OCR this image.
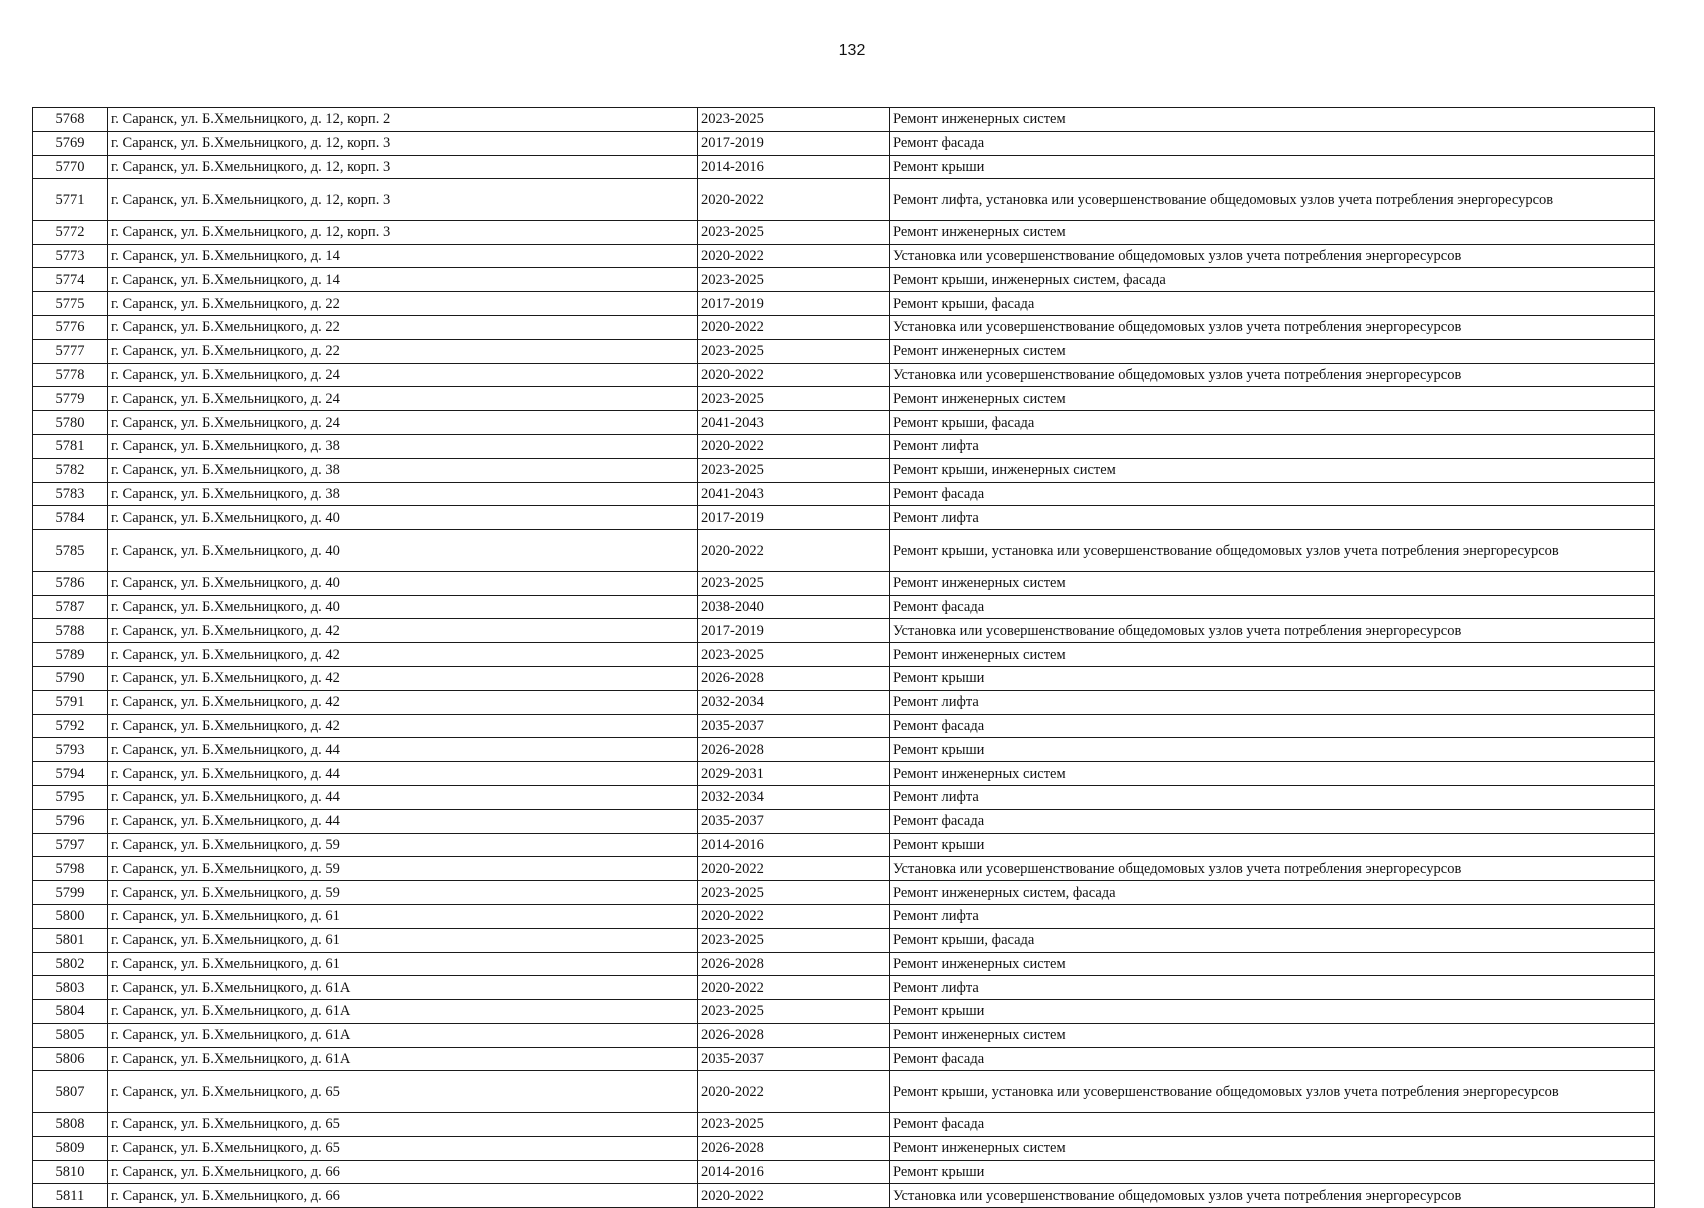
132
5768	г. Саранск, ул. Б.Хмельницкого, д. 12, корп. 2	2023-2025	Ремонт инженерных систем
5769	г. Саранск, ул. Б.Хмельницкого, д. 12, корп. 3	2017-2019	Ремонт фасада
5770	г. Саранск, ул. Б.Хмельницкого, д. 12, корп. 3	2014-2016	Ремонт крыши
5771	г. Саранск, ул. Б.Хмельницкого, д. 12, корп. 3	2020-2022	Ремонт лифта, установка или усовершенствование общедомовых узлов учета потребления энергоресурсов
5772	г. Саранск, ул. Б.Хмельницкого, д. 12, корп. 3	2023-2025	Ремонт инженерных систем
5773	г. Саранск, ул. Б.Хмельницкого, д. 14	2020-2022	Установка или усовершенствование общедомовых узлов учета потребления энергоресурсов
5774	г. Саранск, ул. Б.Хмельницкого, д. 14	2023-2025	Ремонт крыши, инженерных систем, фасада
5775	г. Саранск, ул. Б.Хмельницкого, д. 22	2017-2019	Ремонт крыши, фасада
5776	г. Саранск, ул. Б.Хмельницкого, д. 22	2020-2022	Установка или усовершенствование общедомовых узлов учета потребления энергоресурсов
5777	г. Саранск, ул. Б.Хмельницкого, д. 22	2023-2025	Ремонт инженерных систем
5778	г. Саранск, ул. Б.Хмельницкого, д. 24	2020-2022	Установка или усовершенствование общедомовых узлов учета потребления энергоресурсов
5779	г. Саранск, ул. Б.Хмельницкого, д. 24	2023-2025	Ремонт инженерных систем
5780	г. Саранск, ул. Б.Хмельницкого, д. 24	2041-2043	Ремонт крыши, фасада
5781	г. Саранск, ул. Б.Хмельницкого, д. 38	2020-2022	Ремонт лифта
5782	г. Саранск, ул. Б.Хмельницкого, д. 38	2023-2025	Ремонт крыши, инженерных систем
5783	г. Саранск, ул. Б.Хмельницкого, д. 38	2041-2043	Ремонт фасада
5784	г. Саранск, ул. Б.Хмельницкого, д. 40	2017-2019	Ремонт лифта
5785	г. Саранск, ул. Б.Хмельницкого, д. 40	2020-2022	Ремонт крыши, установка или усовершенствование общедомовых узлов учета потребления энергоресурсов
5786	г. Саранск, ул. Б.Хмельницкого, д. 40	2023-2025	Ремонт инженерных систем
5787	г. Саранск, ул. Б.Хмельницкого, д. 40	2038-2040	Ремонт фасада
5788	г. Саранск, ул. Б.Хмельницкого, д. 42	2017-2019	Установка или усовершенствование общедомовых узлов учета потребления энергоресурсов
5789	г. Саранск, ул. Б.Хмельницкого, д. 42	2023-2025	Ремонт инженерных систем
5790	г. Саранск, ул. Б.Хмельницкого, д. 42	2026-2028	Ремонт крыши
5791	г. Саранск, ул. Б.Хмельницкого, д. 42	2032-2034	Ремонт лифта
5792	г. Саранск, ул. Б.Хмельницкого, д. 42	2035-2037	Ремонт фасада
5793	г. Саранск, ул. Б.Хмельницкого, д. 44	2026-2028	Ремонт крыши
5794	г. Саранск, ул. Б.Хмельницкого, д. 44	2029-2031	Ремонт инженерных систем
5795	г. Саранск, ул. Б.Хмельницкого, д. 44	2032-2034	Ремонт лифта
5796	г. Саранск, ул. Б.Хмельницкого, д. 44	2035-2037	Ремонт фасада
5797	г. Саранск, ул. Б.Хмельницкого, д. 59	2014-2016	Ремонт крыши
5798	г. Саранск, ул. Б.Хмельницкого, д. 59	2020-2022	Установка или усовершенствование общедомовых узлов учета потребления энергоресурсов
5799	г. Саранск, ул. Б.Хмельницкого, д. 59	2023-2025	Ремонт инженерных систем, фасада
5800	г. Саранск, ул. Б.Хмельницкого, д. 61	2020-2022	Ремонт лифта
5801	г. Саранск, ул. Б.Хмельницкого, д. 61	2023-2025	Ремонт крыши, фасада
5802	г. Саранск, ул. Б.Хмельницкого, д. 61	2026-2028	Ремонт инженерных систем
5803	г. Саранск, ул. Б.Хмельницкого, д. 61А	2020-2022	Ремонт лифта
5804	г. Саранск, ул. Б.Хмельницкого, д. 61А	2023-2025	Ремонт крыши
5805	г. Саранск, ул. Б.Хмельницкого, д. 61А	2026-2028	Ремонт инженерных систем
5806	г. Саранск, ул. Б.Хмельницкого, д. 61А	2035-2037	Ремонт фасада
5807	г. Саранск, ул. Б.Хмельницкого, д. 65	2020-2022	Ремонт крыши, установка или усовершенствование общедомовых узлов учета потребления энергоресурсов
5808	г. Саранск, ул. Б.Хмельницкого, д. 65	2023-2025	Ремонт фасада
5809	г. Саранск, ул. Б.Хмельницкого, д. 65	2026-2028	Ремонт инженерных систем
5810	г. Саранск, ул. Б.Хмельницкого, д. 66	2014-2016	Ремонт крыши
5811	г. Саранск, ул. Б.Хмельницкого, д. 66	2020-2022	Установка или усовершенствование общедомовых узлов учета потребления энергоресурсов
